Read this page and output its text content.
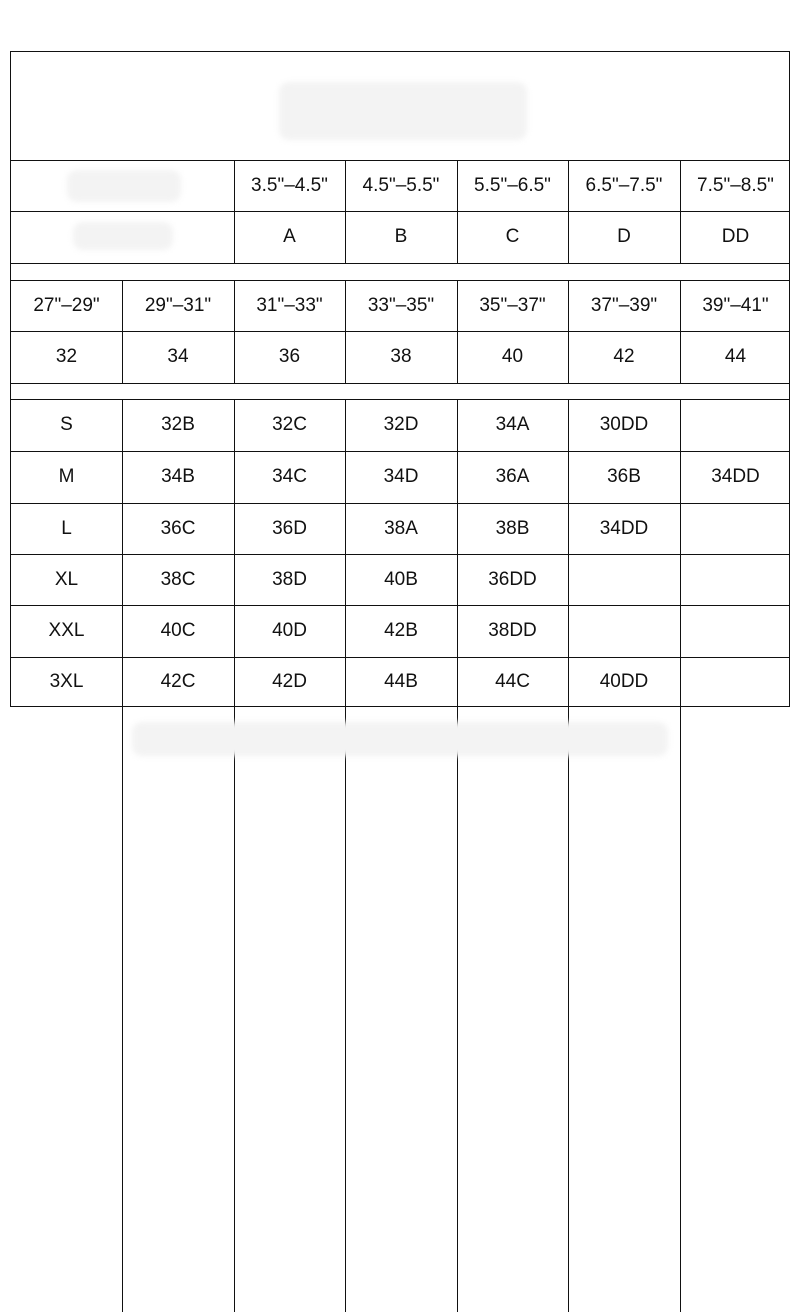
3.5"–4.5"	4.5"–5.5"	5.5"–6.5"	6.5"–7.5"	7.5"–8.5"
A	B	C	D	DD
27"–29"	29"–31"	31"–33"	33"–35"	35"–37"	37"–39"	39"–41"
32	34	36	38	40	42	44
S	32B	32C	32D	34A	30DD
M	34B	34C	34D	36A	36B	34DD
L	36C	36D	38A	38B	34DD
XL	38C	38D	40B	36DD
XXL	40C	40D	42B	38DD
3XL	42C	42D	44B	44C	40DD
